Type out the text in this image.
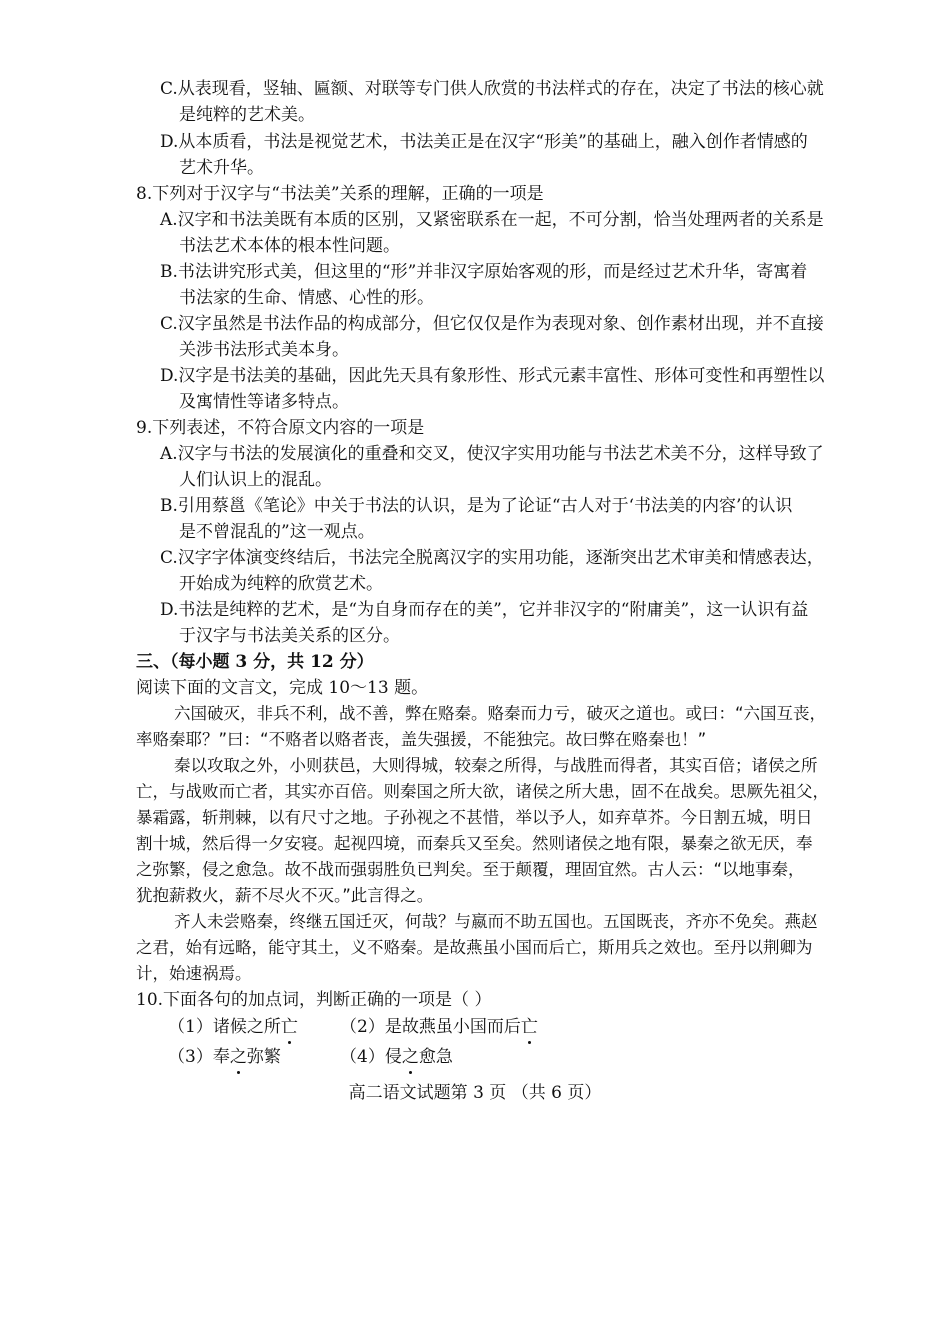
C.从表现看，竖轴、匾额、对联等专门供人欣赏的书法样式的存在，决定了书法的核心就
是纯粹的艺术美。
D.从本质看，书法是视觉艺术，书法美正是在汉字“形美”的基础上，融入创作者情感的
艺术升华。
8.下列对于汉字与“书法美”关系的理解，正确的一项是
A.汉字和书法美既有本质的区别，又紧密联系在一起，不可分割，恰当处理两者的关系是
书法艺术本体的根本性问题。
B.书法讲究形式美，但这里的“形”并非汉字原始客观的形，而是经过艺术升华，寄寓着
书法家的生命、情感、心性的形。
C.汉字虽然是书法作品的构成部分，但它仅仅是作为表现对象、创作素材出现，并不直接
关涉书法形式美本身。
D.汉字是书法美的基础，因此先天具有象形性、形式元素丰富性、形体可变性和再塑性以
及寓情性等诸多特点。
9.下列表述，不符合原文内容的一项是
A.汉字与书法的发展演化的重叠和交叉，使汉字实用功能与书法艺术美不分，这样导致了
人们认识上的混乱。
B.引用蔡邕《笔论》中关于书法的认识，是为了论证“古人对于‘书法美的内容’的认识
是不曾混乱的”这一观点。
C.汉字字体演变终结后，书法完全脱离汉字的实用功能，逐渐突出艺术审美和情感表达，
开始成为纯粹的欣赏艺术。
D.书法是纯粹的艺术，是“为自身而存在的美”，它并非汉字的“附庸美”，这一认识有益
于汉字与书法美关系的区分。
三、（每小题 3 分，共 12 分）
阅读下面的文言文，完成 10～13 题。
六国破灭，非兵不利，战不善，弊在赂秦。赂秦而力亏，破灭之道也。或曰：“六国互丧，
率赂秦耶？”曰：“不赂者以赂者丧，盖失强援，不能独完。故曰弊在赂秦也！”
秦以攻取之外，小则获邑，大则得城，较秦之所得，与战胜而得者，其实百倍；诸侯之所
亡，与战败而亡者，其实亦百倍。则秦国之所大欲，诸侯之所大患，固不在战矣。思厥先祖父，
暴霜露，斩荆棘，以有尺寸之地。子孙视之不甚惜，举以予人，如弃草芥。今日割五城，明日
割十城，然后得一夕安寝。起视四境，而秦兵又至矣。然则诸侯之地有限，暴秦之欲无厌，奉
之弥繁，侵之愈急。故不战而强弱胜负已判矣。至于颠覆，理固宜然。古人云：“以地事秦，
犹抱薪救火，薪不尽火不灭。”此言得之。
齐人未尝赂秦，终继五国迁灭，何哉？与嬴而不助五国也。五国既丧，齐亦不免矣。燕赵
之君，始有远略，能守其土，义不赂秦。是故燕虽小国而后亡，斯用兵之效也。至丹以荆卿为
计，始速祸焉。
10.下面各句的加点词，判断正确的一项是（ ）
（1）诸候之所亡 （2）是故燕虽小国而后亡
（3）奉之弥繁	（4）侵之愈急
高二语文试题第 3 页 （共 6 页）
